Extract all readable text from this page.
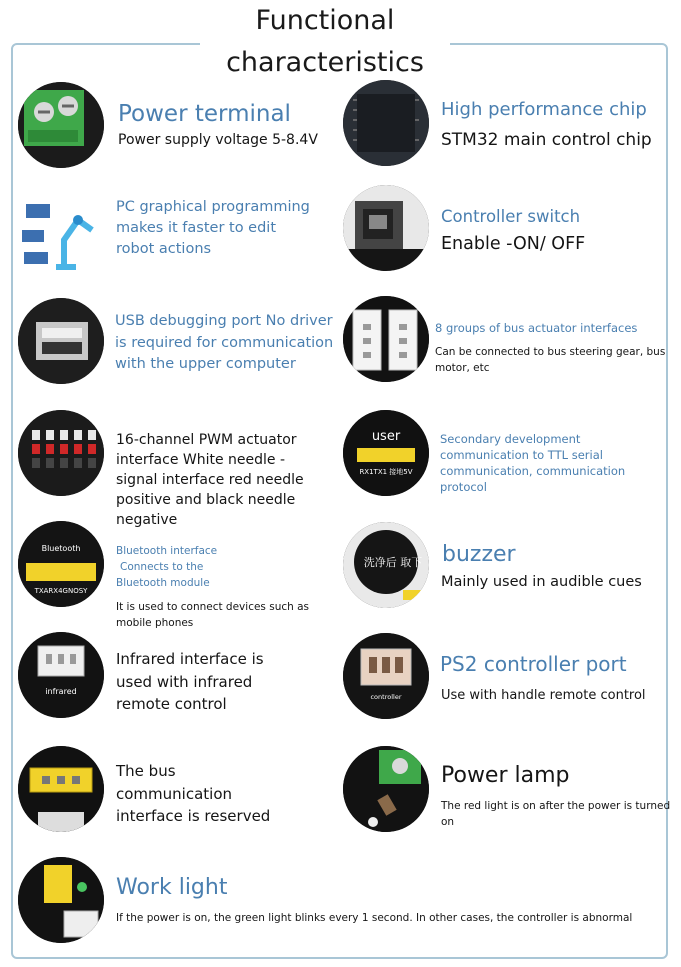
Functional
characteristics
Power terminal
Power supply voltage 5-8.4V
High performance chip
STM32 main control chip
PC graphical programming makes it faster to edit robot actions
Controller switch
Enable -ON/ OFF
USB debugging port No driver is required for communication with the upper computer
8 groups of bus actuator interfaces
Can be connected to bus steering gear, bus motor, etc
16-channel PWM actuator interface White needle - signal interface red needle positive and black needle negative
user
RX1TX1 接地5V
Secondary development communication to TTL serial communication, communication protocol
Bluetooth
TXARX4GNOSY
Bluetooth interface
Connects to the
Bluetooth module
It is used to connect devices such as mobile phones
洗净后 取下 buzzer
Mainly used in audible cues
infrared
Infrared interface is used with infrared remote control	controller
PS2 controller port
Use with handle remote control
The bus communication interface is reserved
Power lamp
The red light is on after the power is turned on
Work light
If the power is on, the green light blinks every 1 second. In other cases, the controller is abnormal
